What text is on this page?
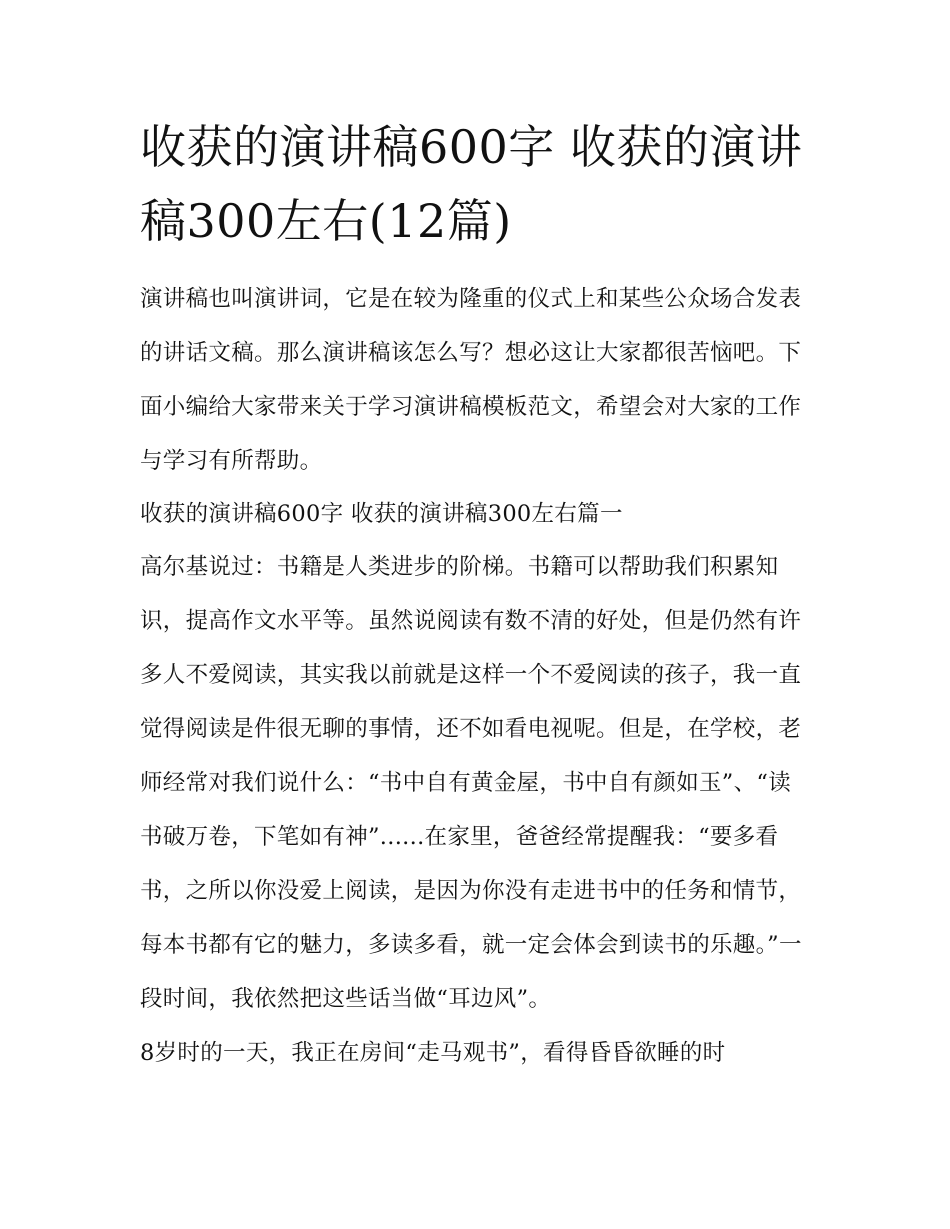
收获的演讲稿600字 收获的演讲稿300左右(12篇)

演讲稿也叫演讲词，它是在较为隆重的仪式上和某些公众场合发表的讲话文稿。那么演讲稿该怎么写？想必这让大家都很苦恼吧。下面小编给大家带来关于学习演讲稿模板范文，希望会对大家的工作与学习有所帮助。

收获的演讲稿600字 收获的演讲稿300左右篇一

高尔基说过：书籍是人类进步的阶梯。书籍可以帮助我们积累知识，提高作文水平等。虽然说阅读有数不清的好处，但是仍然有许多人不爱阅读，其实我以前就是这样一个不爱阅读的孩子，我一直觉得阅读是件很无聊的事情，还不如看电视呢。但是，在学校，老师经常对我们说什么：“书中自有黄金屋，书中自有颜如玉”、“读书破万卷，下笔如有神”......在家里，爸爸经常提醒我：“要多看书，之所以你没爱上阅读，是因为你没有走进书中的任务和情节，每本书都有它的魅力，多读多看，就一定会体会到读书的乐趣。”一段时间，我依然把这些话当做“耳边风”。

8岁时的一天，我正在房间“走马观书”，看得昏昏欲睡的时
